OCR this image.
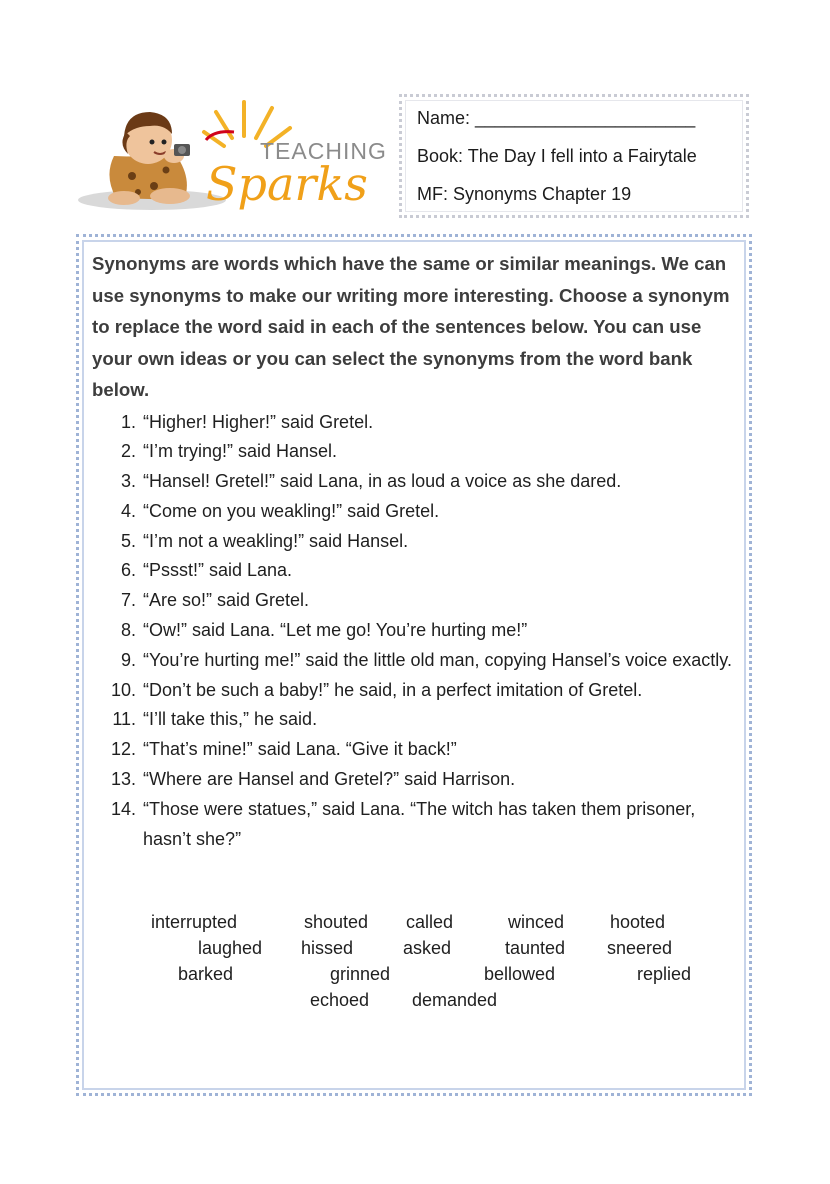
TEACHING
Sparks
Name: ______________________
Book: The Day I fell into a Fairytale
MF: Synonyms Chapter 19

Synonyms are words which have the same or similar meanings. We can use synonyms to make our writing more interesting. Choose a synonym to replace the word said in each of the sentences below. You can use your own ideas or you can select the synonyms from the word bank below.

1. “Higher! Higher!” said Gretel.
2. “I’m trying!” said Hansel.
3. “Hansel! Gretel!” said Lana, in as loud a voice as she dared.
4. “Come on you weakling!” said Gretel.
5. “I’m not a weakling!” said Hansel.
6. “Pssst!” said Lana.
7. “Are so!” said Gretel.
8. “Ow!” said Lana. “Let me go! You’re hurting me!”
9. “You’re hurting me!” said the little old man, copying Hansel’s voice exactly.
10. “Don’t be such a baby!” he said, in a perfect imitation of Gretel.
11. “I’ll take this,” he said.
12. “That’s mine!” said Lana. “Give it back!”
13. “Where are Hansel and Gretel?” said Harrison.
14. “Those were statues,” said Lana. “The witch has taken them prisoner, hasn’t she?”
interrupted	shouted called	winced	hooted
laughed hissed	asked	taunted sneered
barked	grinned	bellowed	replied
echoed demanded
